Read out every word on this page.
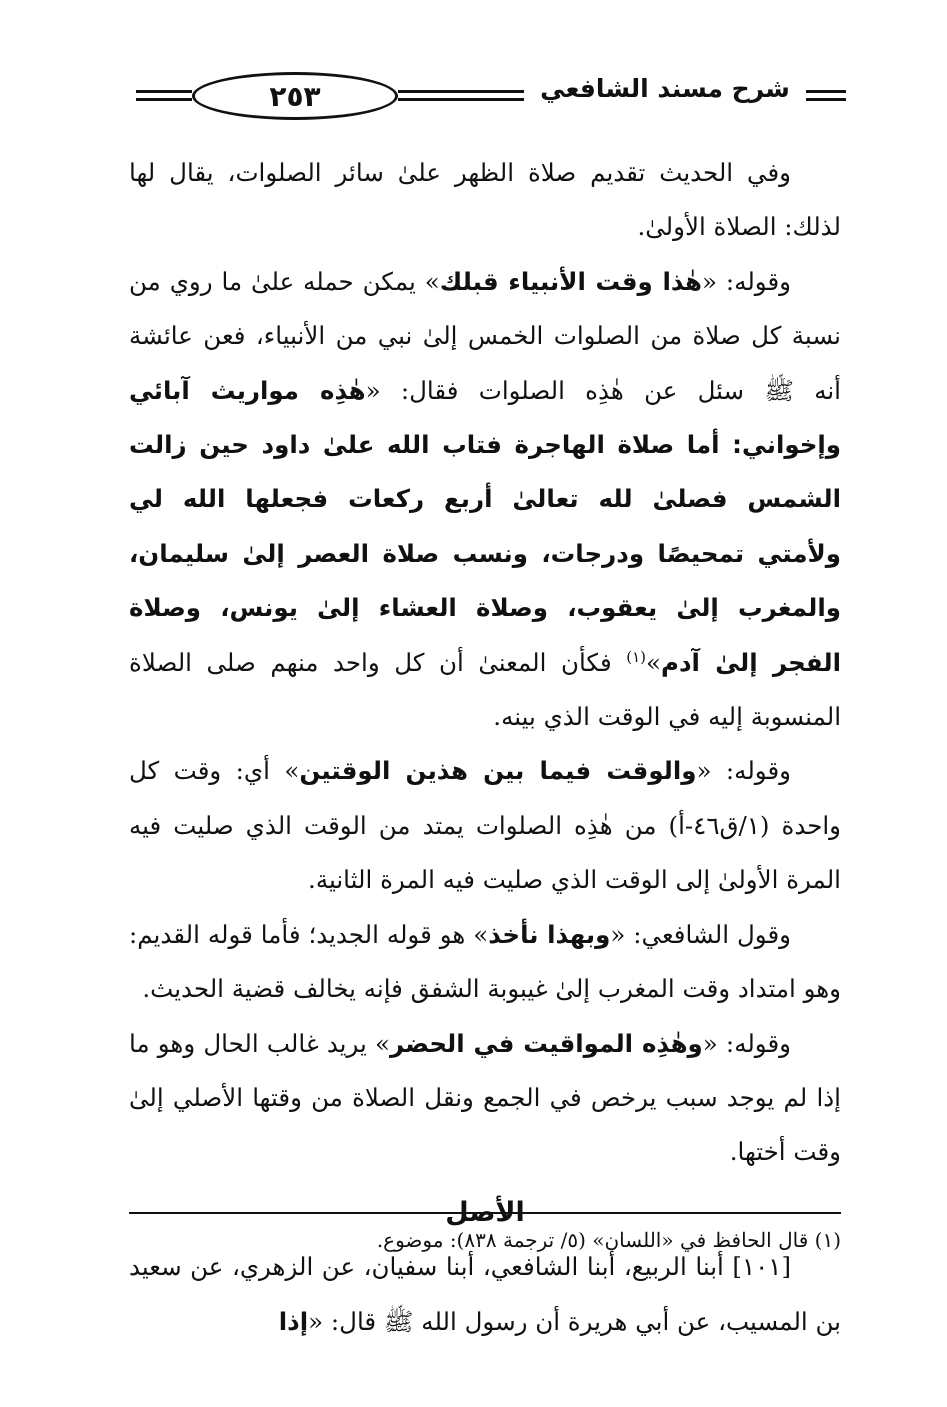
٢٥٣	شرح مسند الشافعي

وفي الحديث تقديم صلاة الظهر علىٰ سائر الصلوات، يقال لها لذلك: الصلاة الأولىٰ.

وقوله: «هٰذا وقت الأنبياء قبلك» يمكن حمله علىٰ ما روي من نسبة كل صلاة من الصلوات الخمس إلىٰ نبي من الأنبياء، فعن عائشة أنه ﷺ سئل عن هٰذِه الصلوات فقال: «هٰذِه مواريث آبائي وإخواني: أما صلاة الهاجرة فتاب الله علىٰ داود حين زالت الشمس فصلىٰ لله تعالىٰ أربع ركعات فجعلها الله لي ولأمتي تمحيصًا ودرجات، ونسب صلاة العصر إلىٰ سليمان، والمغرب إلىٰ يعقوب، وصلاة العشاء إلىٰ يونس، وصلاة الفجر إلىٰ آدم»$^{(١)}$ فكأن المعنىٰ أن كل واحد منهم صلى الصلاة المنسوبة إليه في الوقت الذي بينه.

وقوله: «والوقت فيما بين هذين الوقتين» أي: وقت كل واحدة (١/ق٤٦-أ) من هٰذِه الصلوات يمتد من الوقت الذي صليت فيه المرة الأولىٰ إلى الوقت الذي صليت فيه المرة الثانية.

وقول الشافعي: «وبهذا نأخذ» هو قوله الجديد؛ فأما قوله القديم: وهو امتداد وقت المغرب إلىٰ غيبوبة الشفق فإنه يخالف قضية الحديث.

وقوله: «وهٰذِه المواقيت في الحضر» يريد غالب الحال وهو ما إذا لم يوجد سبب يرخص في الجمع ونقل الصلاة من وقتها الأصلي إلىٰ وقت أختها.

الأصل

[١٠١] أبنا الربيع، أبنا الشافعي، أبنا سفيان، عن الزهري، عن سعيد بن المسيب، عن أبي هريرة أن رسول الله ﷺ قال: «إذا

(١) قال الحافظ في «اللسان» (٥/ ترجمة ٨٣٨): موضوع.
